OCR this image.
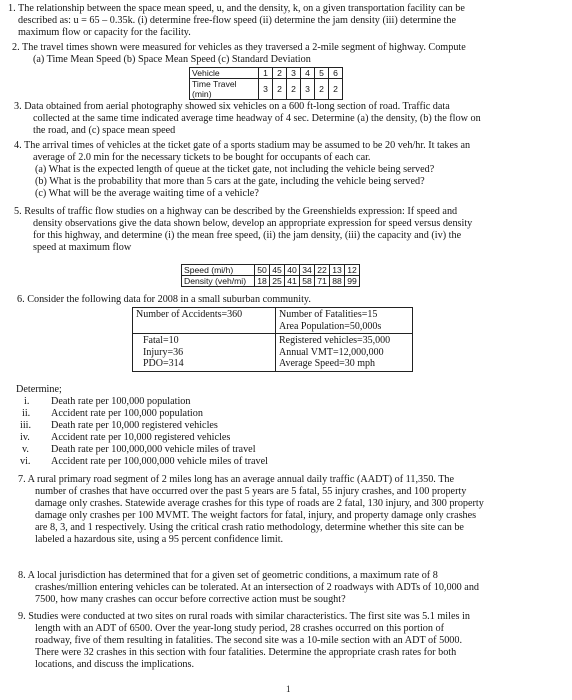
1. The relationship between the space mean speed, u, and the density, k, on a given transportation facility can be
described as: u = 65 – 0.35k. (i) determine free-flow speed (ii) determine the jam density (iii) determine the
maximum flow or capacity for the facility.
2. The travel times shown were measured for vehicles as they traversed a 2-mile segment of highway. Compute
(a) Time Mean Speed (b) Space Mean Speed (c) Standard Deviation
Vehicle	1	2	3	4	5	6
Time Travel (min)	3	2	2	3	2	2
3. Data obtained from aerial photography showed six vehicles on a 600 ft-long section of road. Traffic data
collected at the same time indicated average time headway of 4 sec. Determine (a) the density, (b) the flow on
the road, and (c) space mean speed
4. The arrival times of vehicles at the ticket gate of a sports stadium may be assumed to be 20 veh/hr. It takes an
average of 2.0 min for the necessary tickets to be bought for occupants of each car.
(a) What is the expected length of queue at the ticket gate, not including the vehicle being served?
(b) What is the probability that more than 5 cars at the gate, including the vehicle being served?
(c) What will be the average waiting time of a vehicle?
5. Results of traffic flow studies on a highway can be described by the Greenshields expression: If speed and
density observations give the data shown below, develop an appropriate expression for speed versus density
for this highway, and determine (i) the mean free speed, (ii) the jam density, (iii) the capacity and (iv) the
speed at maximum flow
Speed (mi/h)	50	45	40	34	22	13	12
Density (veh/mi)	18	25	41	58	71	88	99
6. Consider the following data for 2008 in a small suburban community.
Number of Accidents=360	Number of Fatalities=15
Area Population=50,000s

Fatal=10
Injury=36
PDO=314	Registered vehicles=35,000
Annual VMT=12,000,000
Average Speed=30 mph
Determine;
i. Death rate per 100,000 population
ii. Accident rate per 100,000 population
iii. Death rate per 10,000 registered vehicles
iv. Accident rate per 10,000 registered vehicles
v. Death rate per 100,000,000 vehicle miles of travel
vi. Accident rate per 100,000,000 vehicle miles of travel
7. A rural primary road segment of 2 miles long has an average annual daily traffic (AADT) of 11,350. The
number of crashes that have occurred over the past 5 years are 5 fatal, 55 injury crashes, and 100 property
damage only crashes. Statewide average crashes for this type of roads are 2 fatal, 130 injury, and 300 property
damage only crashes per 100 MVMT. The weight factors for fatal, injury, and property damage only crashes
are 8, 3, and 1 respectively. Using the critical crash ratio methodology, determine whether this site can be
labeled a hazardous site, using a 95 percent confidence limit.
8. A local jurisdiction has determined that for a given set of geometric conditions, a maximum rate of 8
crashes/million entering vehicles can be tolerated. At an intersection of 2 roadways with ADTs of 10,000 and
7500, how many crashes can occur before corrective action must be sought?
9. Studies were conducted at two sites on rural roads with similar characteristics. The first site was 5.1 miles in
length with an ADT of 6500. Over the year-long study period, 28 crashes occurred on this portion of
roadway, five of them resulting in fatalities. The second site was a 10-mile section with an ADT of 5000.
There were 32 crashes in this section with four fatalities. Determine the appropriate crash rates for both
locations, and discuss the implications.
1
